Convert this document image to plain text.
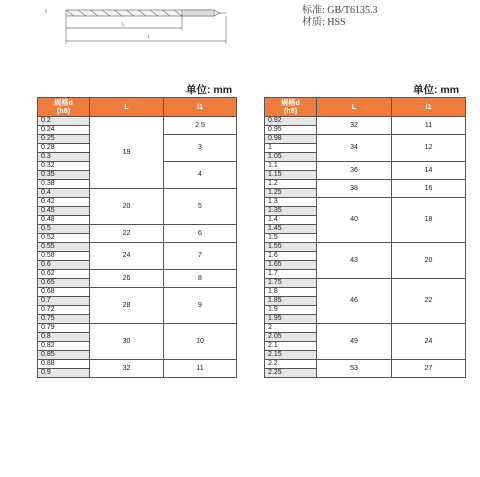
l₁
l
标准: GB/T6135.3
材质: HSS
单位: mm	单位: mm
规格d
(h8)	L	l1
0.2	19	2.5
0.24		
0.25		3
0.28		
0.3		
0.32		4
0.35		
0.38		
0.4	20	5
0.42		
0.45		
0.48		
0.5	22	6
0.52		
0.55	24	7
0.58		
0.6		
0.62	26	8
0.65		
0.68	28	9
0.7		
0.72		
0.75		
0.79	30	10
0.8		
0.82		
0.85		
0.88	32	11
0.9		
规格d
(h8)	L	l1
0.92	32	11
0.95		
0.98	34	12
1		
1.05		
1.1	36	14
1.15		
1.2	38	16
1.25		
1.3	40	18
1.35		
1.4		
1.45		
1.5		
1.55	43	20
1.6		
1.65		
1.7		
1.75	46	22
1.8		
1.85		
1.9		
1.95		
2	49	24
2.05		
2.1		
2.15		
2.2	53	27
2.25		
